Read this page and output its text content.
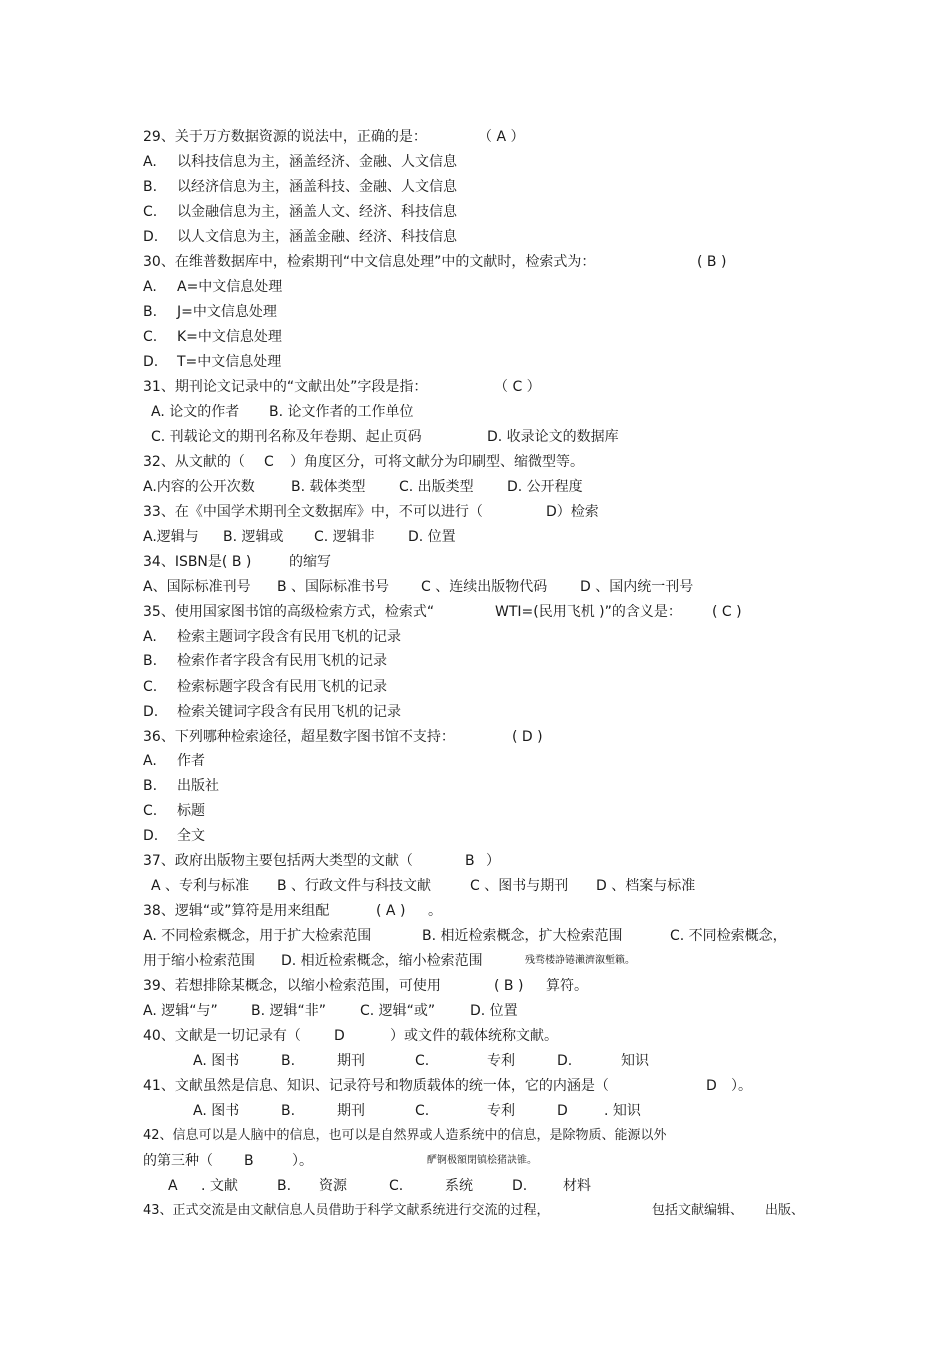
29、关于万方数据资源的说法中，正确的是：	（ A ）
A. 以科技信息为主，涵盖经济、金融、人文信息
B. 以经济信息为主，涵盖科技、金融、人文信息
C. 以金融信息为主，涵盖人文、经济、科技信息
D. 以人文信息为主，涵盖金融、经济、科技信息
30、在维普数据库中，检索期刊“中文信息处理”中的文献时，检索式为：	( B )
A. A=中文信息处理
B. J=中文信息处理
C. K=中文信息处理
D. T=中文信息处理
31、期刊论文记录中的“文献出处”字段是指：	（ C ）
A. 论文的作者 B. 论文作者的工作单位
C. 刊载论文的期刊名称及年卷期、起止页码	D. 收录论文的数据库
32、从文献的（ C ）角度区分，可将文献分为印刷型、缩微型等。
A.内容的公开次数	B. 载体类型 C. 出版类型 D. 公开程度
33、在《中国学术期刊全文数据库》中，不可以进行（	D）检索
A.逻辑与 B. 逻辑或 C. 逻辑非 D. 位置
34、ISBN是( B )	的缩写
A、国际标准刊号 B 、国际标准书号 C 、连续出版物代码 D 、国内统一刊号
35、使用国家图书馆的高级检索方式，检索式“	WTI=(民用飞机 )”的含义是： ( C )
A. 检索主题词字段含有民用飞机的记录
B. 检索作者字段含有民用飞机的记录
C. 检索标题字段含有民用飞机的记录
D. 检索关键词字段含有民用飞机的记录
36、下列哪种检索途径，超星数字图书馆不支持：	( D )
A. 作者
B. 出版社
C. 标题
D. 全文
37、政府出版物主要包括两大类型的文献（	B ）
A 、专利与标准 B 、行政文件与科技文献	C 、图书与期刊 D 、档案与标准
38、逻辑“或”算符是用来组配	( A ) 。
A. 不同检索概念，用于扩大检索范围	B. 相近检索概念，扩大检索范围	C. 不同检索概念，
用于缩小检索范围 D. 相近检索概念，缩小检索范围	残骛楼諍锩瀨濟溆塹籟。
39、若想排除某概念，以缩小检索范围，可使用	( B ) 算符。
A. 逻辑“与” B. 逻辑“非” C. 逻辑“或” D. 位置
40、文献是一切记录有（ D	）或文件的载体统称文献。
A. 图书	B.	期刊	C.	专利	D.	知识
41、文献虽然是信息、知识、记录符号和物质载体的统一体，它的内涵是（	D ）。
A. 图书	B.	期刊	C.	专利	D	. 知识
42、信息可以是人脑中的信息，也可以是自然界或人造系统中的信息，是除物质、能源以外
的第三种（ B	）。	酽锕极額閉镇桧猪訣锥。
A . 文献	B. 资源	C.	系统	D.	材料
43、正式交流是由文献信息人员借助于科学文献系统进行交流的过程，	包括文献编辑、 出版、
